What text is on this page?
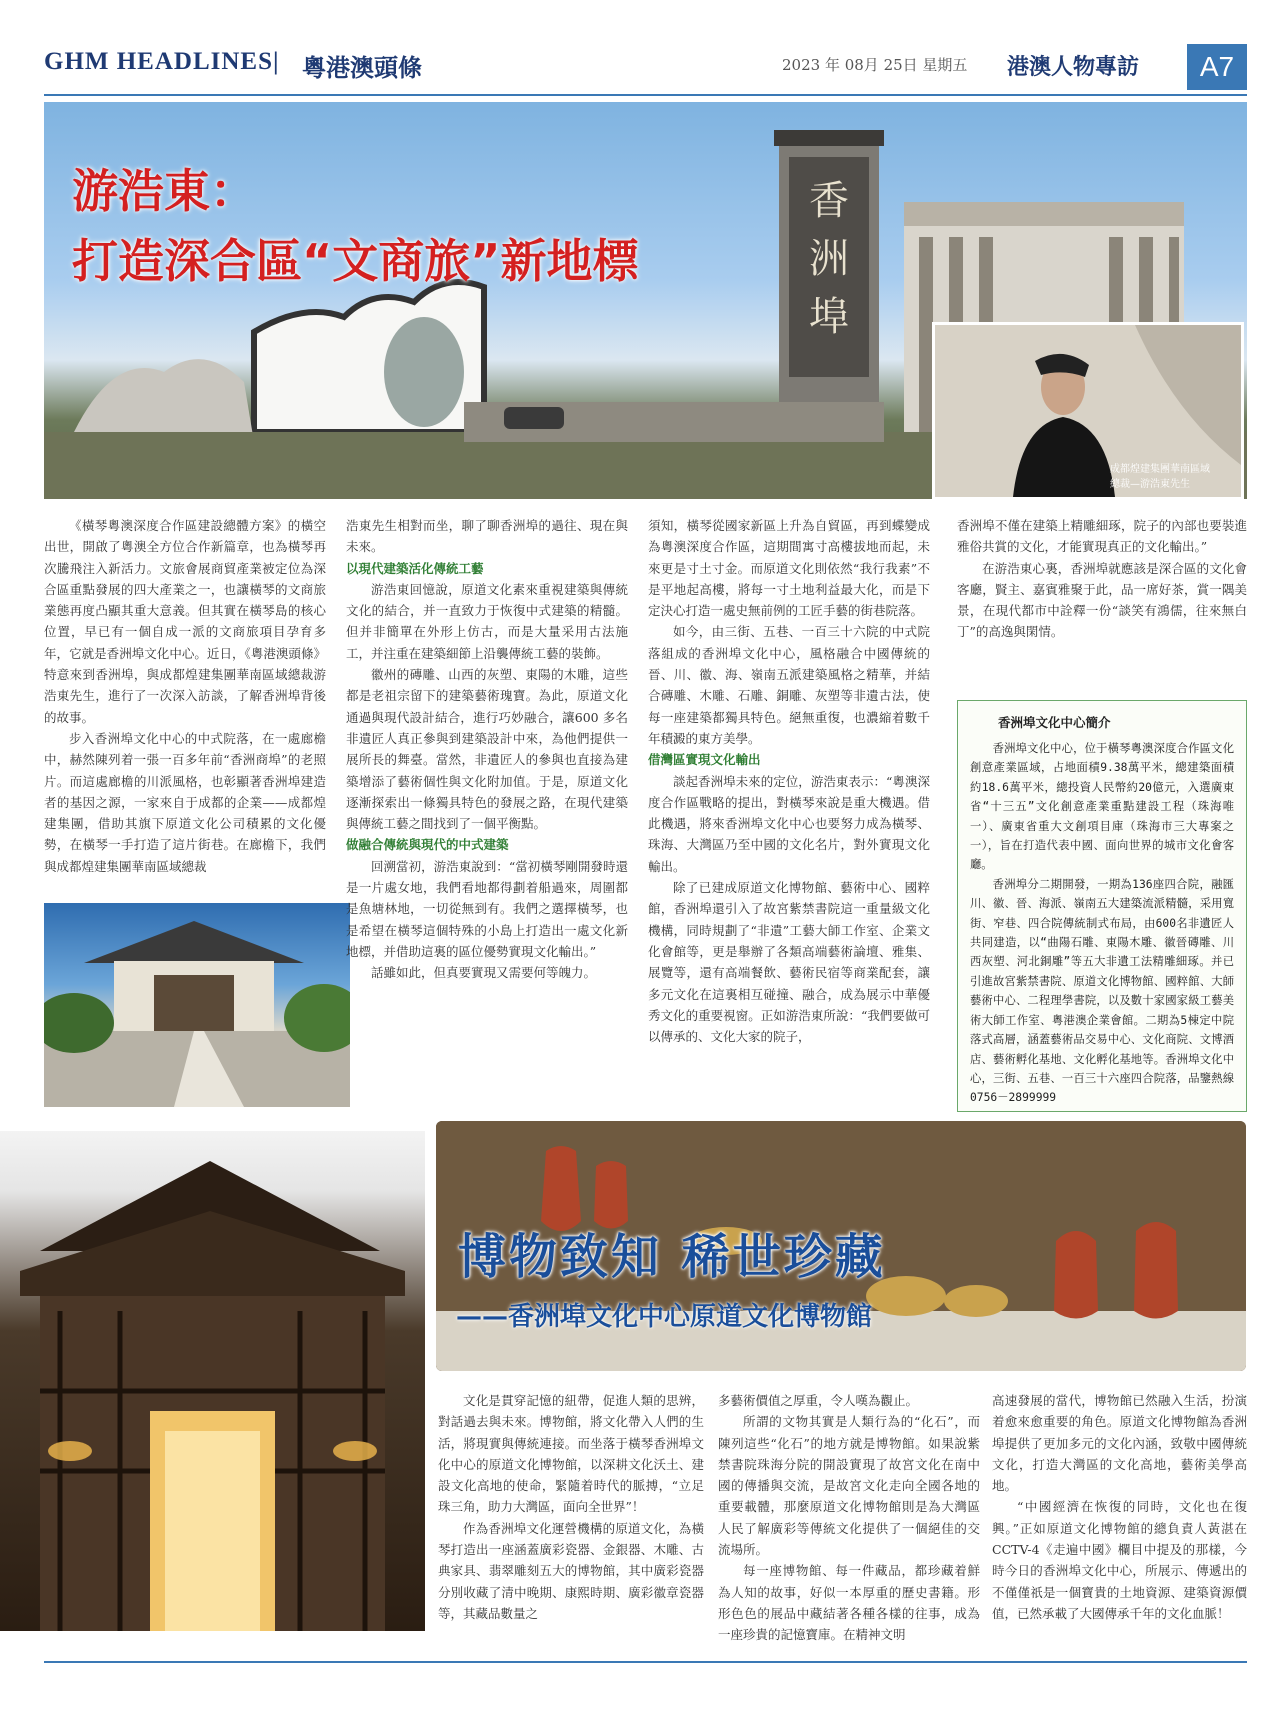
GHM HEADLINES| 粵港澳頭條	2023 年 08月 25日 星期五 港澳人物專訪	A7
香洲埠
游浩東：
打造深合區“文商旅”新地標
成都煌建集團華南區域
總裁—游浩東先生

《橫琴粵澳深度合作區建設總體方案》的橫空出世，開啟了粵澳全方位合作新篇章，也為橫琴再次騰飛注入新活力。文旅會展商貿產業被定位為深合區重點發展的四大產業之一，也讓橫琴的文商旅業態再度凸顯其重大意義。但其實在橫琴島的核心位置，早已有一個自成一派的文商旅項目孕育多年，它就是香洲埠文化中心。近日，《粵港澳頭條》特意來到香洲埠，與成都煌建集團華南區域總裁游浩東先生，進行了一次深入訪談，了解香洲埠背後的故事。

步入香洲埠文化中心的中式院落，在一處廊檐中，赫然陳列着一張一百多年前“香洲商埠”的老照片。而這處廊檐的川派風格，也彰顯著香洲埠建造者的基因之源，一家來自于成都的企業——成都煌建集團，借助其旗下原道文化公司積累的文化優勢，在橫琴一手打造了這片街巷。在廊檐下，我們與成都煌建集團華南區域總裁

浩東先生相對而坐，聊了聊香洲埠的過往、現在與未來。

以現代建築活化傳統工藝

游浩東回憶說，原道文化素來重視建築與傳統文化的結合，并一直致力于恢復中式建築的精髓。但并非簡單在外形上仿古，而是大量采用古法施工，并注重在建築細節上沿襲傳統工藝的裝飾。

徽州的磚雕、山西的灰塑、東陽的木雕，這些都是老祖宗留下的建築藝術瑰寶。為此，原道文化通過與現代設計結合，進行巧妙融合，讓600 多名非遺匠人真正參與到建築設計中來，為他們提供一展所長的舞臺。當然，非遺匠人的參與也直接為建築增添了藝術個性與文化附加值。于是，原道文化逐漸探索出一條獨具特色的發展之路，在現代建築與傳統工藝之間找到了一個平衡點。

做融合傳統與現代的中式建築

回溯當初，游浩東說到：“當初橫琴剛開發時還是一片處女地，我們看地都得劃着船過來，周圍都是魚塘林地，一切從無到有。我們之選擇橫琴，也是希望在橫琴這個特殊的小島上打造出一處文化新地標，并借助這裏的區位優勢實現文化輸出。”

話雖如此，但真要實現又需要何等魄力。

須知，橫琴從國家新區上升為自貿區，再到蝶變成為粵澳深度合作區，這期間寓寸高樓拔地而起，未來更是寸土寸金。而原道文化則依然“我行我素”不是平地起高樓，將每一寸土地利益最大化，而是下定決心打造一處史無前例的工匠手藝的街巷院落。

如今，由三街、五巷、一百三十六院的中式院落組成的香洲埠文化中心，風格融合中國傳統的晉、川、徽、海、嶺南五派建築風格之精華，并結合磚雕、木雕、石雕、銅雕、灰塑等非遺古法，使每一座建築都獨具特色。絕無重復，也濃縮着數千年積澱的東方美學。

借灣區實現文化輸出

談起香洲埠未來的定位，游浩東表示：“粵澳深度合作區戰略的提出，對橫琴來說是重大機遇。借此機遇，將來香洲埠文化中心也要努力成為橫琴、珠海、大灣區乃至中國的文化名片，對外實現文化輸出。

除了已建成原道文化博物館、藝術中心、國粹館，香洲埠還引入了故宮紫禁書院這一重量級文化機構，同時規劃了“非遺”工藝大師工作室、企業文化會館等，更是舉辦了各類高端藝術論壇、雅集、展覽等，還有高端餐飲、藝術民宿等商業配套，讓多元文化在這裏相互碰撞、融合，成為展示中華優秀文化的重要視窗。正如游浩東所說：“我們要做可以傳承的、文化大家的院子，

香洲埠不僅在建築上精雕細琢，院子的內部也要裝進雅俗共賞的文化，才能實現真正的文化輸出。”

在游浩東心裏，香洲埠就應該是深合區的文化會客廳，賢主、嘉賓雅聚于此，品一席好茶，賞一隅美景，在現代都市中詮釋一份“談笑有鴻儒，往來無白丁”的高逸與閑情。

香洲埠文化中心簡介

香洲埠文化中心，位于橫琴粵澳深度合作區文化創意產業區域，占地面積9.38萬平米，總建築面積約18.6萬平米，總投資人民幣約20億元，入選廣東省“十三五”文化創意產業重點建設工程（珠海唯一）、廣東省重大文創項目庫（珠海市三大專案之一），旨在打造代表中國、面向世界的城市文化會客廳。

香洲埠分二期開發，一期為136座四合院，融匯川、徽、晉、海派、嶺南五大建築流派精髓，采用寬街、窄巷、四合院傳統制式布局，由600名非遺匠人共同建造，以“曲陽石雕、東陽木雕、徽晉磚雕、川西灰塑、河北銅雕”等五大非遺工法精雕細琢。并已引進故宮紫禁書院、原道文化博物館、國粹館、大師藝術中心、二程理學書院，以及數十家國家級工藝美術大師工作室、粵港澳企業會館。二期為5棟定中院落式高層，涵蓋藝術品交易中心、文化商院、文博酒店、藝術孵化基地、文化孵化基地等。香洲埠文化中心，三街、五巷、一百三十六座四合院落，品鑒熱線 0756－2899999

博物致知 稀世珍藏
——香洲埠文化中心原道文化博物館

文化是貫穿記憶的紐帶，促進人類的思辨，對話過去與未來。博物館，將文化帶入人們的生活，將現實與傳統連接。而坐落于橫琴香洲埠文化中心的原道文化博物館，以深耕文化沃土、建設文化高地的使命，緊隨着時代的脈搏，“立足珠三角，助力大灣區，面向全世界”！

作為香洲埠文化運營機構的原道文化，為橫琴打造出一座涵蓋廣彩瓷器、金銀器、木雕、古典家具、翡翠雕刻五大的博物館，其中廣彩瓷器分別收藏了清中晚期、康熙時期、廣彩徽章瓷器等，其藏品數量之

多藝術價值之厚重，令人嘆為觀止。

所謂的文物其實是人類行為的“化石”，而陳列這些“化石”的地方就是博物館。如果說紫禁書院珠海分院的開設實現了故宮文化在南中國的傳播與交流，是故宮文化走向全國各地的重要載體，那麼原道文化博物館則是為大灣區人民了解廣彩等傳統文化提供了一個絕佳的交流場所。

每一座博物館、每一件藏品，都珍藏着鮮為人知的故事，好似一本厚重的歷史書籍。形形色色的展品中藏結著各種各樣的往事，成為一座珍貴的記憶寶庫。在精神文明

高速發展的當代，博物館已然融入生活，扮演着愈來愈重要的角色。原道文化博物館為香洲埠提供了更加多元的文化內涵，致敬中國傳統文化，打造大灣區的文化高地，藝術美學高地。

“中國經濟在恢復的同時，文化也在復興。”正如原道文化博物館的總負責人黃湛在CCTV-4《走遍中國》欄目中提及的那樣，今時今日的香洲埠文化中心，所展示、傳遞出的不僅僅祇是一個寶貴的土地資源、建築資源價值，已然承載了大國傳承千年的文化血脈！
